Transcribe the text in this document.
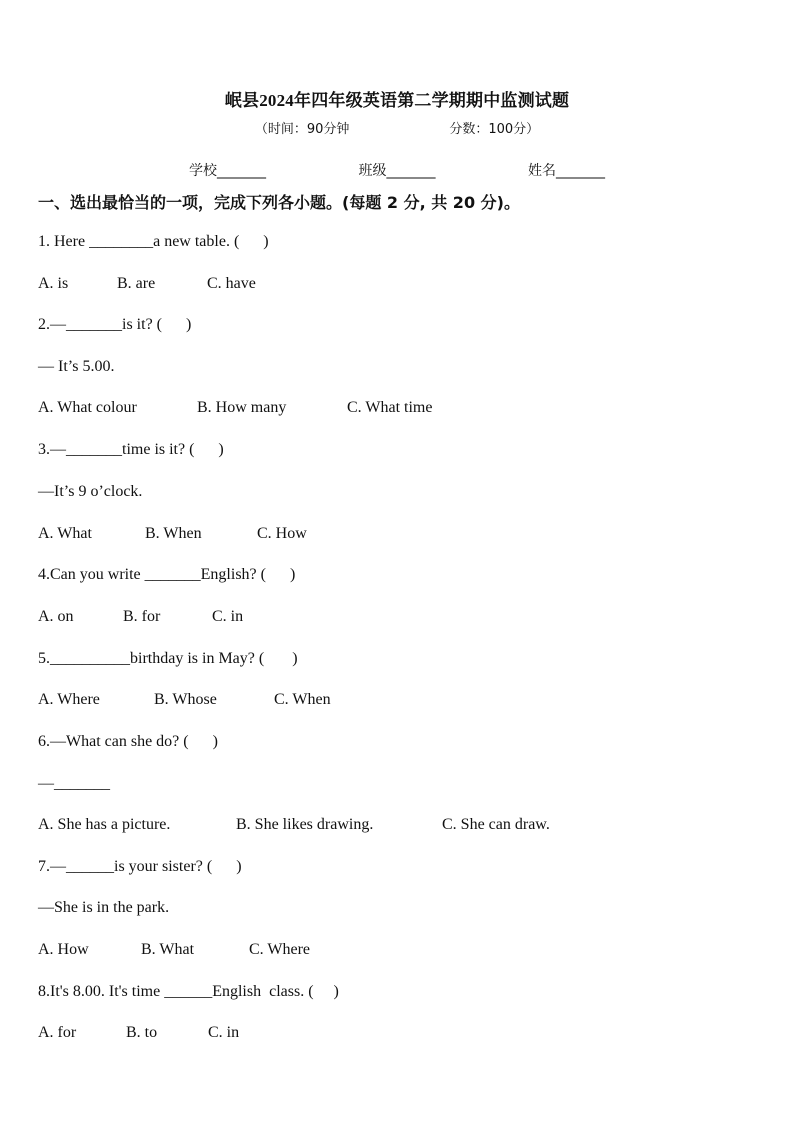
岷县2024年四年级英语第二学期期中监测试题
（时间：90分钟	分数：100分）
学校_______	班级_______	姓名_______
一、选出最恰当的一项，完成下列各小题。(每题 2 分, 共 20 分)。
1. Here ________a new table. (      )
A. is	B. are	C. have
2.—_______is it? (      )
— It’s 5.00.
A. What colour	B. How many	C. What time
3.—_______time is it? (      )
—It’s 9 o’clock.
A. What	B. When	C. How
4.Can you write _______English? (      )
A. on	B. for	C. in
5.__________birthday is in May? (       )
A. Where	B. Whose	C. When
6.—What can she do? (      )
—_______
A. She has a picture.	B. She likes drawing.	C. She can draw.
7.—______is your sister? (      )
—She is in the park.
A. How	B. What	C. Where
8.It's 8.00. It's time ______English  class. (     )
A. for	B. to	C. in
